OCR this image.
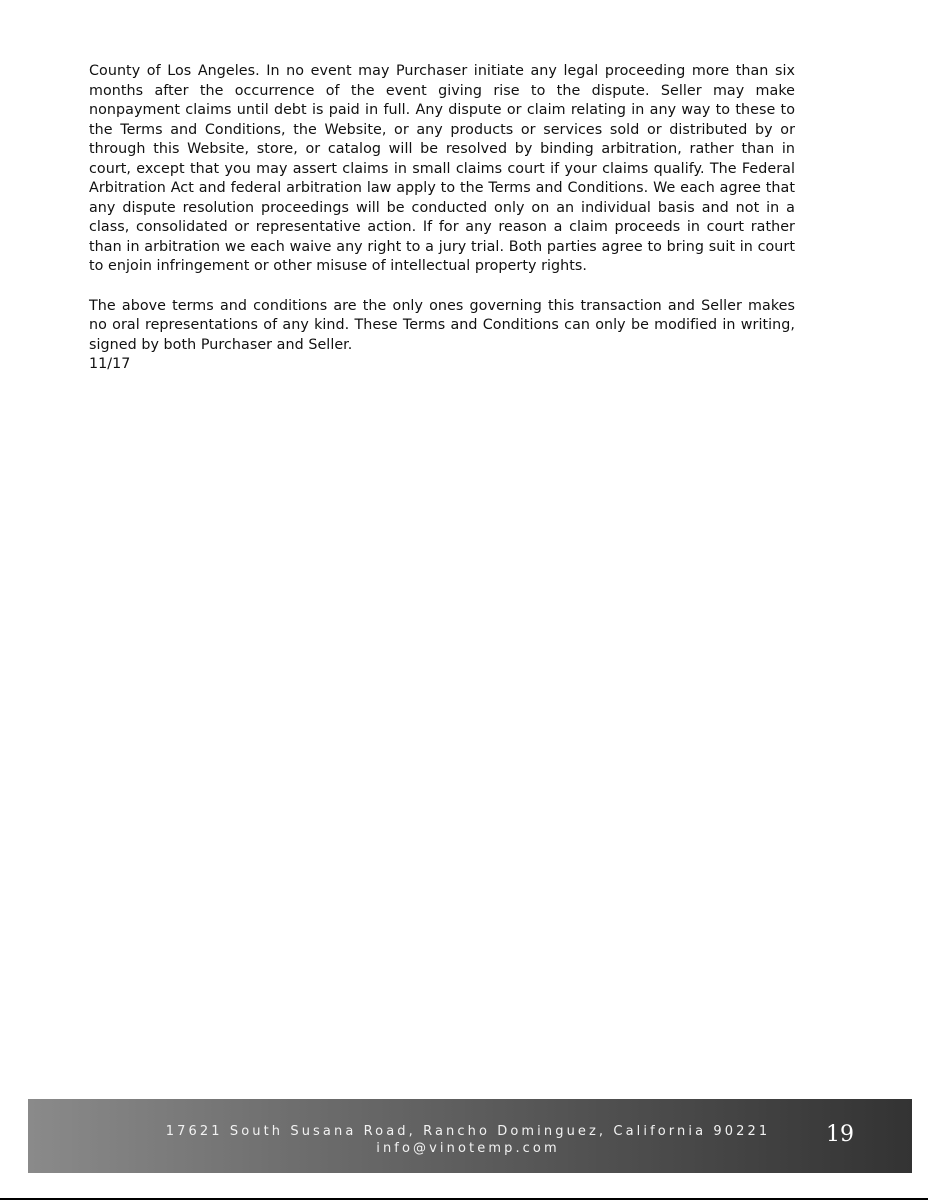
County of Los Angeles. In no event may Purchaser initiate any legal proceeding more than six months after the occurrence of the event giving rise to the dispute. Seller may make nonpayment claims until debt is paid in full. Any dispute or claim relating in any way to these to the Terms and Conditions, the Website, or any products or services sold or distributed by or through this Website, store, or catalog will be resolved by binding arbitration, rather than in court, except that you may assert claims in small claims court if your claims qualify. The Federal Arbitration Act and federal arbitration law apply to the Terms and Conditions. We each agree that any dispute resolution proceedings will be conducted only on an individual basis and not in a class, consolidated or representative action. If for any reason a claim proceeds in court rather than in arbitration we each waive any right to a jury trial. Both parties agree to bring suit in court to enjoin infringement or other misuse of intellectual property rights.

The above terms and conditions are the only ones governing this transaction and Seller makes no oral representations of any kind. These Terms and Conditions can only be modified in writing, signed by both Purchaser and Seller.
11/17

17621 South Susana Road, Rancho Dominguez, California 90221
info@vinotemp.com
19
